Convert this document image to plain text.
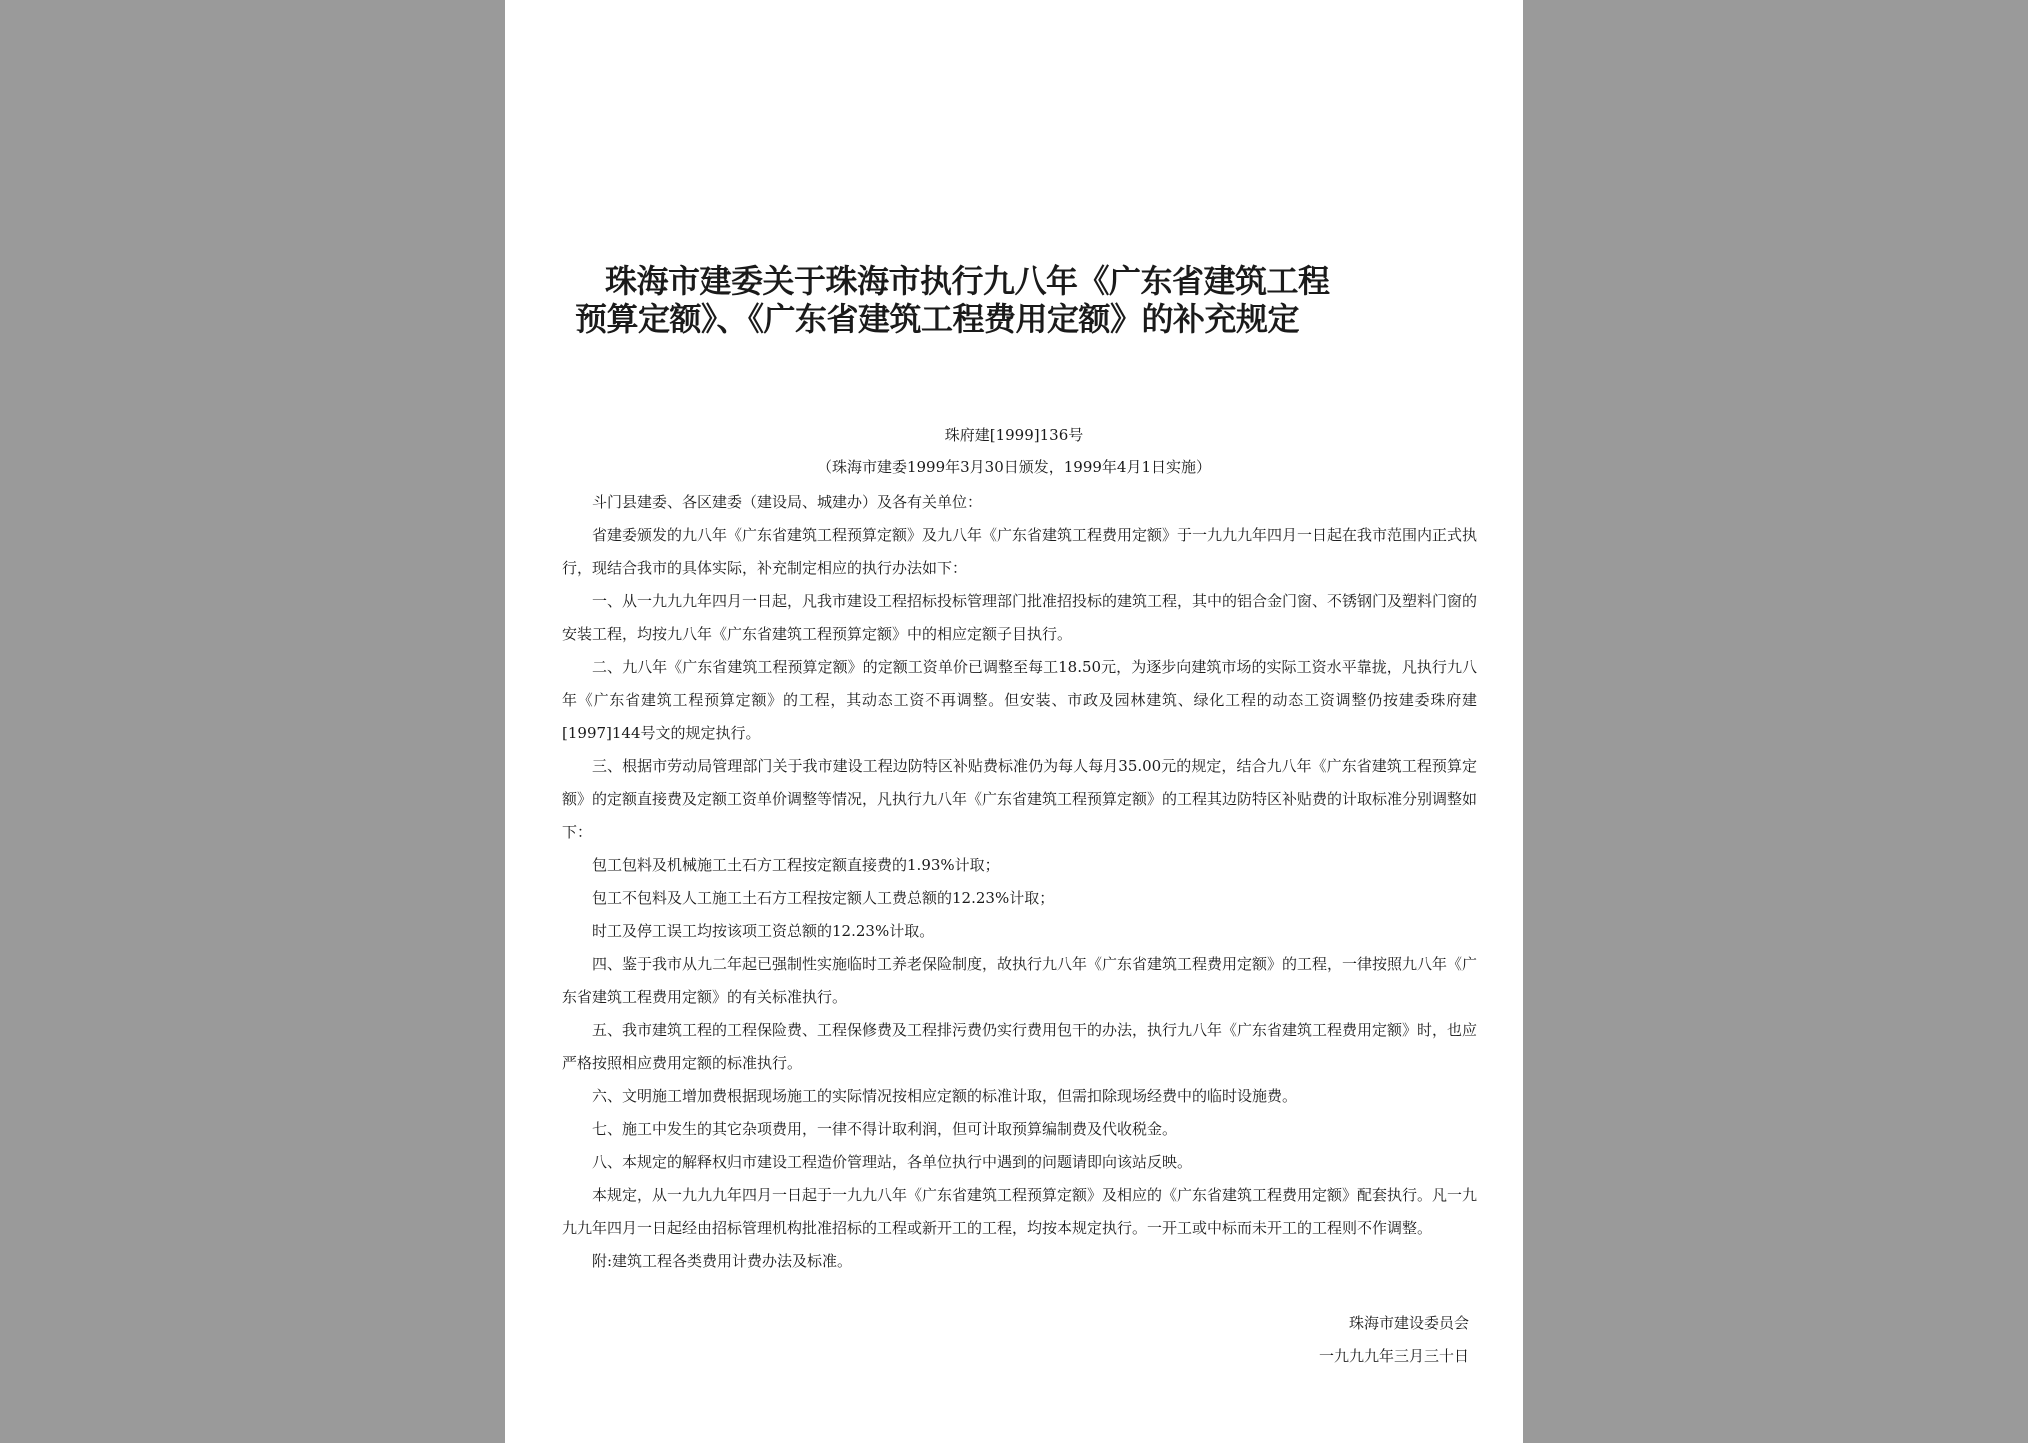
珠海市建委关于珠海市执行九八年《广东省建筑工程
预算定额》、《广东省建筑工程费用定额》的补充规定
珠府建[1999]136号
（珠海市建委1999年3月30日颁发，1999年4月1日实施）

斗门县建委、各区建委（建设局、城建办）及各有关单位：

省建委颁发的九八年《广东省建筑工程预算定额》及九八年《广东省建筑工程费用定额》于一九九九年四月一日起在我市范围内正式执行，现结合我市的具体实际，补充制定相应的执行办法如下：

一、从一九九九年四月一日起，凡我市建设工程招标投标管理部门批准招投标的建筑工程，其中的铝合金门窗、不锈钢门及塑料门窗的安装工程，均按九八年《广东省建筑工程预算定额》中的相应定额子目执行。

二、九八年《广东省建筑工程预算定额》的定额工资单价已调整至每工18.50元，为逐步向建筑市场的实际工资水平靠拢，凡执行九八年《广东省建筑工程预算定额》的工程，其动态工资不再调整。但安装、市政及园林建筑、绿化工程的动态工资调整仍按建委珠府建[1997]144号文的规定执行。

三、根据市劳动局管理部门关于我市建设工程边防特区补贴费标准仍为每人每月35.00元的规定，结合九八年《广东省建筑工程预算定额》的定额直接费及定额工资单价调整等情况，凡执行九八年《广东省建筑工程预算定额》的工程其边防特区补贴费的计取标准分别调整如下：

包工包料及机械施工土石方工程按定额直接费的1.93%计取；

包工不包料及人工施工土石方工程按定额人工费总额的12.23%计取；

时工及停工误工均按该项工资总额的12.23%计取。

四、鉴于我市从九二年起已强制性实施临时工养老保险制度，故执行九八年《广东省建筑工程费用定额》的工程，一律按照九八年《广东省建筑工程费用定额》的有关标准执行。

五、我市建筑工程的工程保险费、工程保修费及工程排污费仍实行费用包干的办法，执行九八年《广东省建筑工程费用定额》时，也应严格按照相应费用定额的标准执行。

六、文明施工增加费根据现场施工的实际情况按相应定额的标准计取，但需扣除现场经费中的临时设施费。

七、施工中发生的其它杂项费用，一律不得计取利润，但可计取预算编制费及代收税金。

八、本规定的解释权归市建设工程造价管理站，各单位执行中遇到的问题请即向该站反映。

本规定，从一九九九年四月一日起于一九九八年《广东省建筑工程预算定额》及相应的《广东省建筑工程费用定额》配套执行。凡一九九九年四月一日起经由招标管理机构批准招标的工程或新开工的工程，均按本规定执行。一开工或中标而未开工的工程则不作调整。

附:建筑工程各类费用计费办法及标准。

珠海市建设委员会
一九九九年三月三十日
